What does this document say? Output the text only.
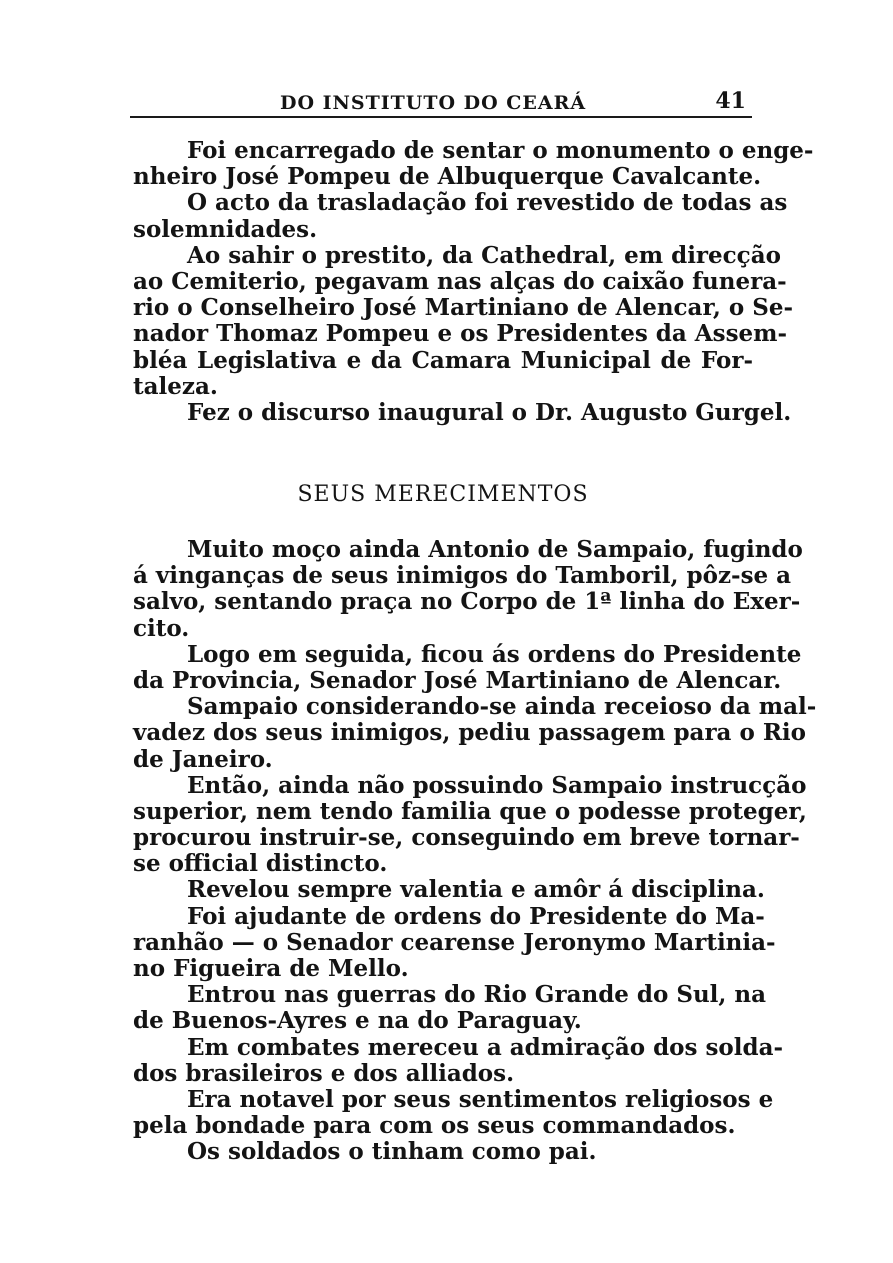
DO INSTITUTO DO CEARÁ	41
Foi encarregado de sentar o monumento o enge-
nheiro José Pompeu de Albuquerque Cavalcante.
O acto da trasladação foi revestido de todas as
solemnidades.
Ao sahir o prestito, da Cathedral, em direcção
ao Cemiterio, pegavam nas alças do caixão funera-
rio o Conselheiro José Martiniano de Alencar, o Se-
nador Thomaz Pompeu e os Presidentes da Assem-
bléa Legislativa e da Camara Municipal de For-
taleza.
Fez o discurso inaugural o Dr. Augusto Gurgel.
SEUS MERECIMENTOS
Muito moço ainda Antonio de Sampaio, fugindo
á vinganças de seus inimigos do Tamboril, pôz-se a
salvo, sentando praça no Corpo de 1ª linha do Exer-
cito.
Logo em seguida, ficou ás ordens do Presidente
da Provincia, Senador José Martiniano de Alencar.
Sampaio considerando-se ainda receioso da mal-
vadez dos seus inimigos, pediu passagem para o Rio
de Janeiro.
Então, ainda não possuindo Sampaio instrucção
superior, nem tendo familia que o podesse proteger,
procurou instruir-se, conseguindo em breve tornar-
se official distincto.
Revelou sempre valentia e amôr á disciplina.
Foi ajudante de ordens do Presidente do Ma-
ranhão — o Senador cearense Jeronymo Martinia-
no Figueira de Mello.
Entrou nas guerras do Rio Grande do Sul, na
de Buenos-Ayres e na do Paraguay.
Em combates mereceu a admiração dos solda-
dos brasileiros e dos alliados.
Era notavel por seus sentimentos religiosos e
pela bondade para com os seus commandados.
Os soldados o tinham como pai.
